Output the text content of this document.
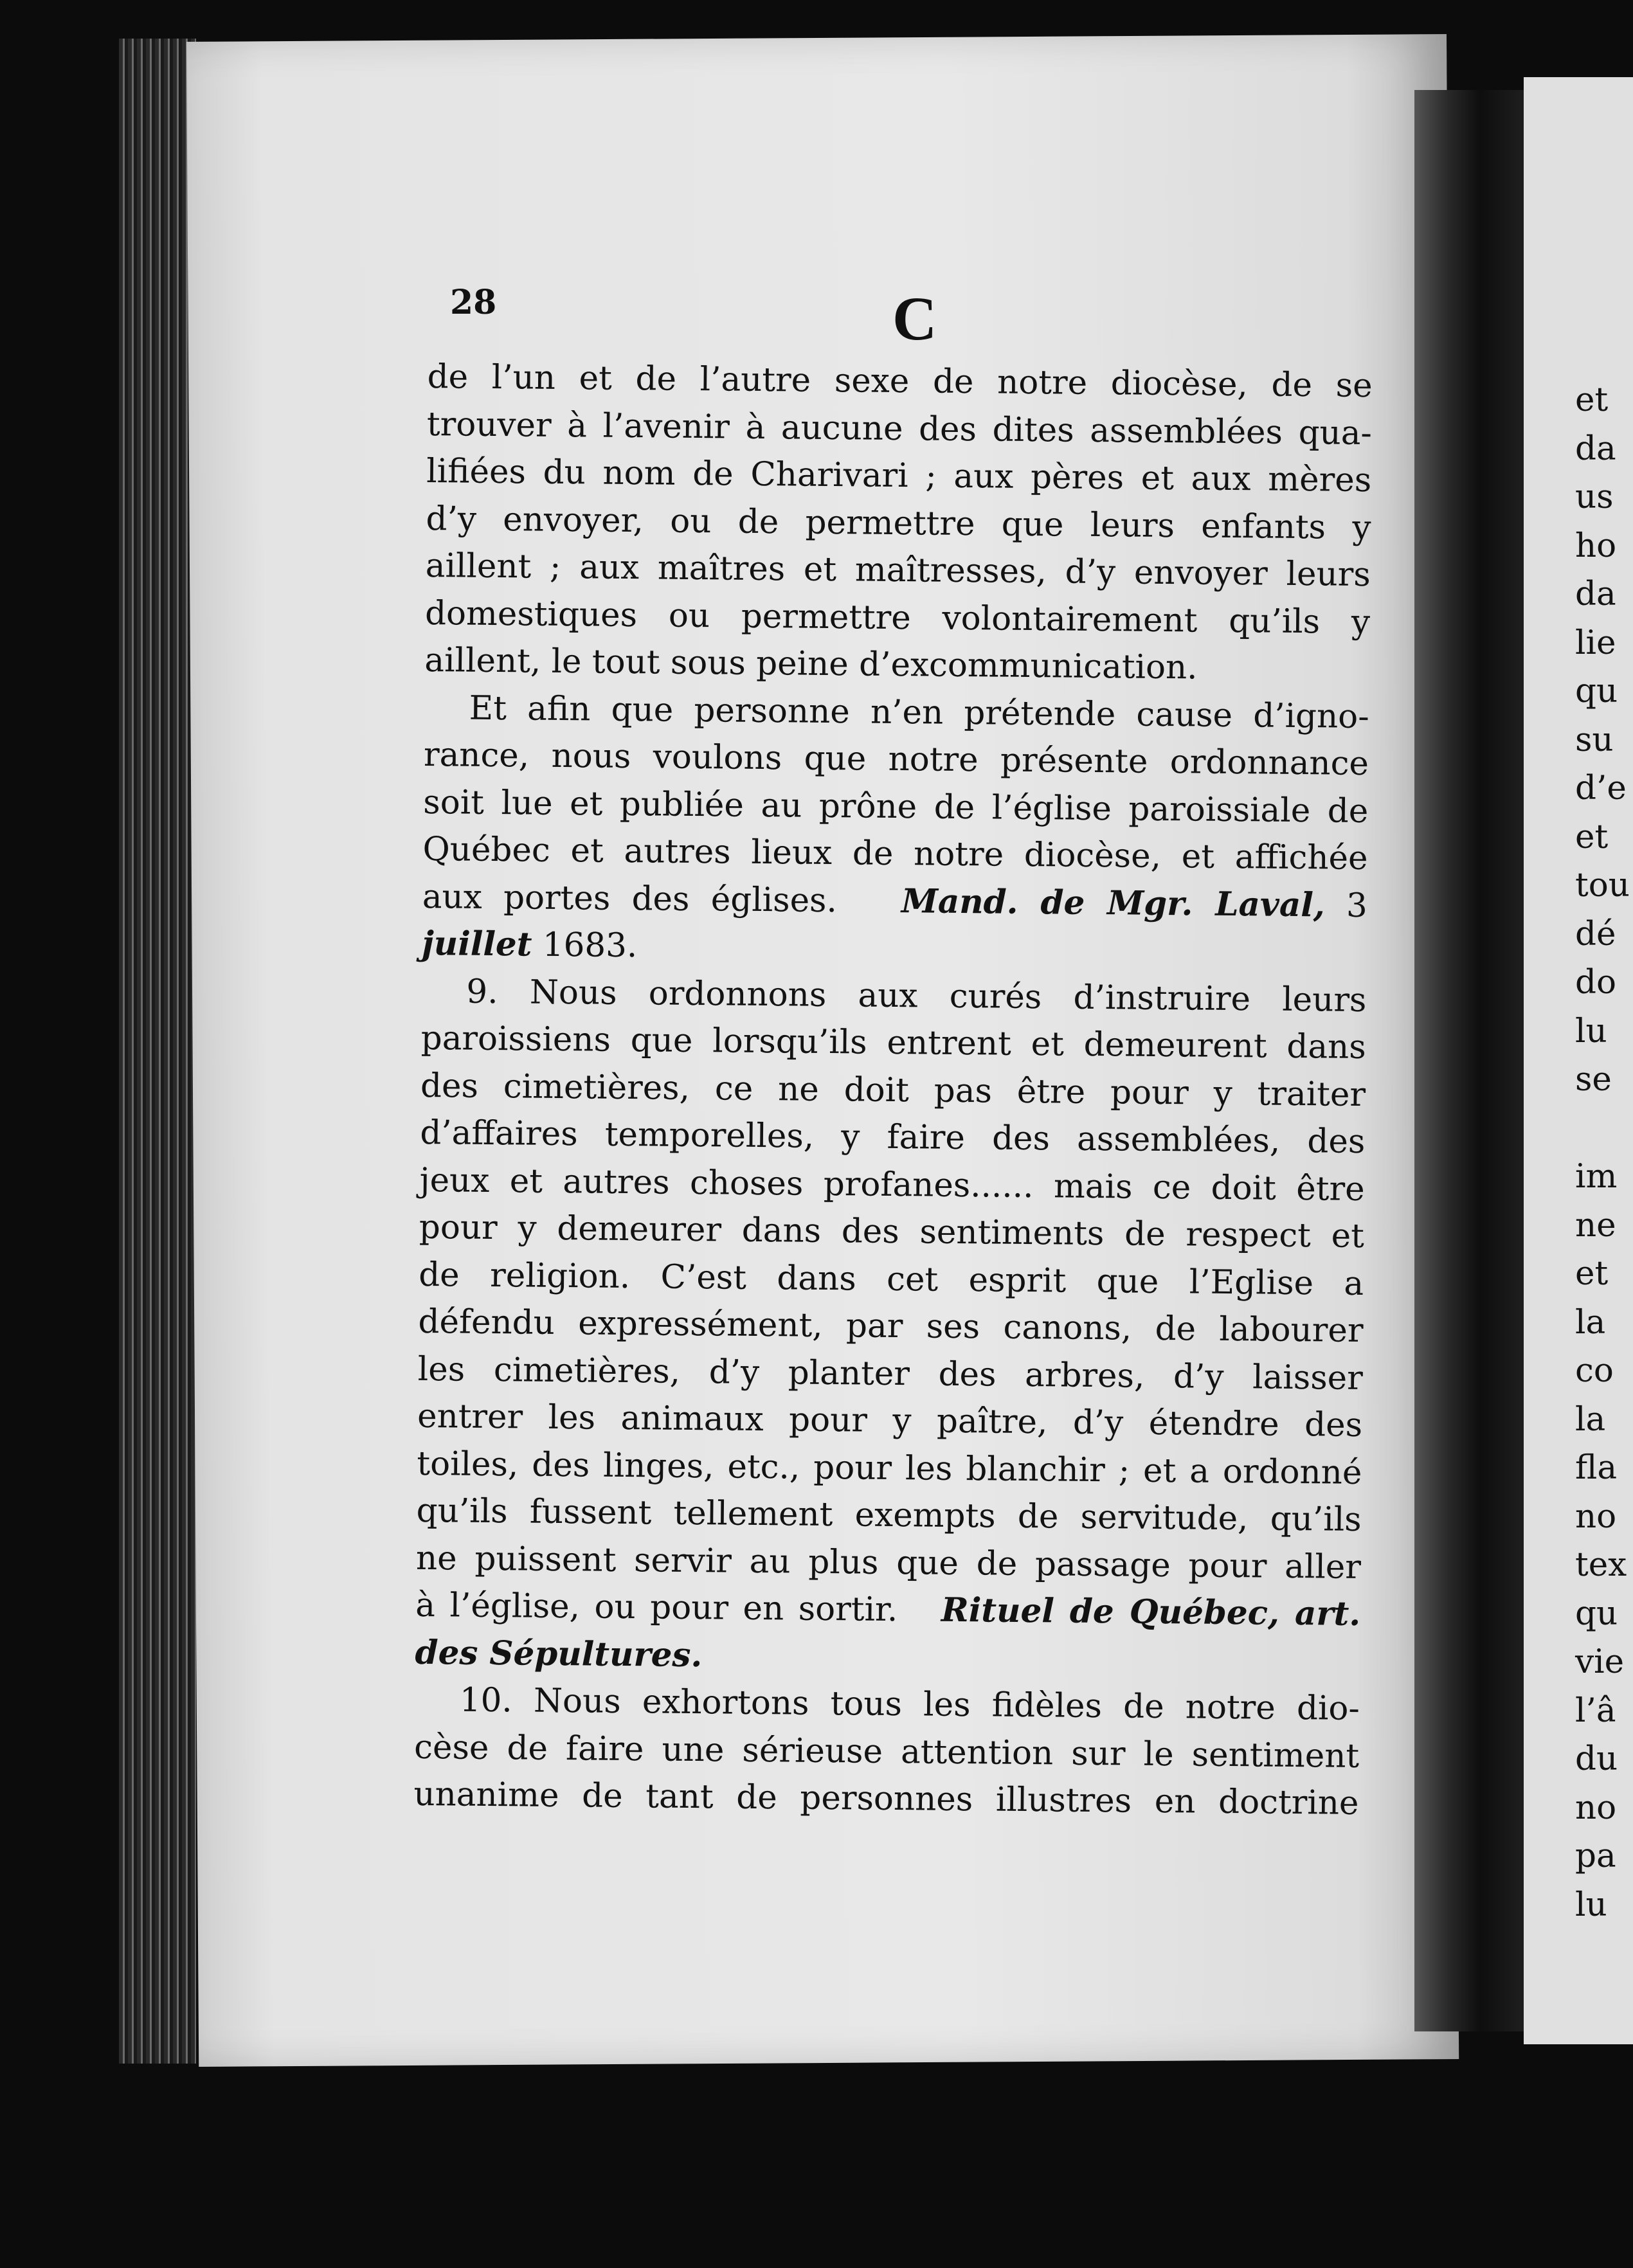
28	C
de l’un et de l’autre sexe de notre diocèse, de se
trouver à l’avenir à aucune des dites assemblées qua-
lifiées du nom de Charivari ; aux pères et aux mères
d’y envoyer, ou de permettre que leurs enfants y
aillent ; aux maîtres et maîtresses, d’y envoyer leurs
domestiques ou permettre volontairement qu’ils y
aillent, le tout sous peine d’excommunication.
Et afin que personne n’en prétende cause d’igno-
rance, nous voulons que notre présente ordonnance
soit lue et publiée au prône de l’église paroissiale de
Québec et autres lieux de notre diocèse, et affichée
aux portes des églises. Mand. de Mgr. Laval, 3
juillet 1683.
9. Nous ordonnons aux curés d’instruire leurs
paroissiens que lorsqu’ils entrent et demeurent dans
des cimetières, ce ne doit pas être pour y traiter
d’affaires temporelles, y faire des assemblées, des
jeux et autres choses profanes...... mais ce doit être
pour y demeurer dans des sentiments de respect et
de religion. C’est dans cet esprit que l’Eglise a
défendu expressément, par ses canons, de labourer
les cimetières, d’y planter des arbres, d’y laisser
entrer les animaux pour y paître, d’y étendre des
toiles, des linges, etc., pour les blanchir ; et a ordonné
qu’ils fussent tellement exempts de servitude, qu’ils
ne puissent servir au plus que de passage pour aller
à l’église, ou pour en sortir. Rituel de Québec, art.
des Sépultures.
10. Nous exhortons tous les fidèles de notre dio-
cèse de faire une sérieuse attention sur le sentiment
unanime de tant de personnes illustres en doctrine
et
da
us
ho
da
lie
qu
su
d’e
et
tou
dé
do
lu
se
im
ne
et
la
co
la
fla
no
tex
qu
vie
l’â
du
no
pa
lu
